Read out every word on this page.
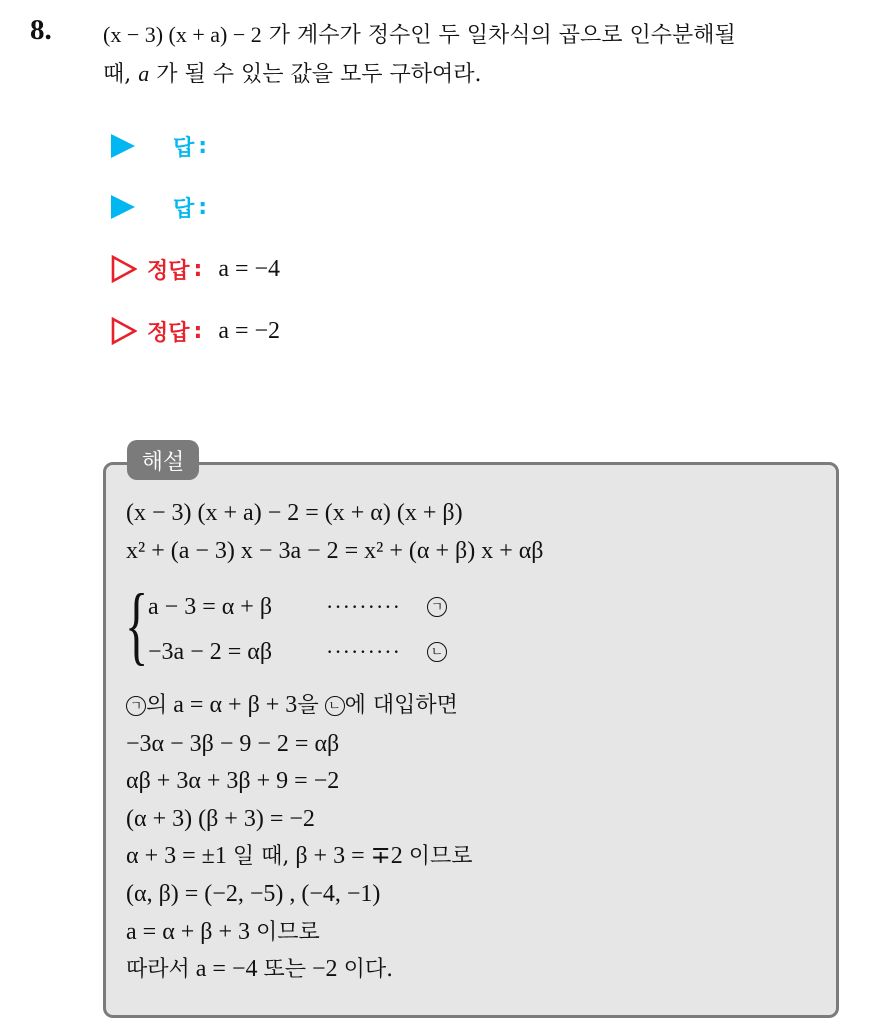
8. (x − 3) (x + a) − 2 가 계수가 정수인 두 일차식의 곱으로 인수분해될
때, a 가 될 수 있는 값을 모두 구하여라.
답 :
답 :
정답 : a = −4
정답 : a = −2
해설
(x − 3) (x + a) − 2 = (x + α) (x + β)
x² + (a − 3) x − 3a − 2 = x² + (α + β) x + αβ
{ a − 3 = α + β ········· ㄱ
−3a − 2 = αβ ········· ㄴ
ㄱ 의 a = α + β + 3을 ㄴ 에 대입하면
−3α − 3β − 9 − 2 = αβ
αβ + 3α + 3β + 9 = −2
(α + 3) (β + 3) = −2
α + 3 = ±1 일 때, β + 3 = ∓2 이므로
(α, β) = (−2, −5) , (−4, −1)
a = α + β + 3 이므로
따라서 a = −4 또는 −2 이다.
